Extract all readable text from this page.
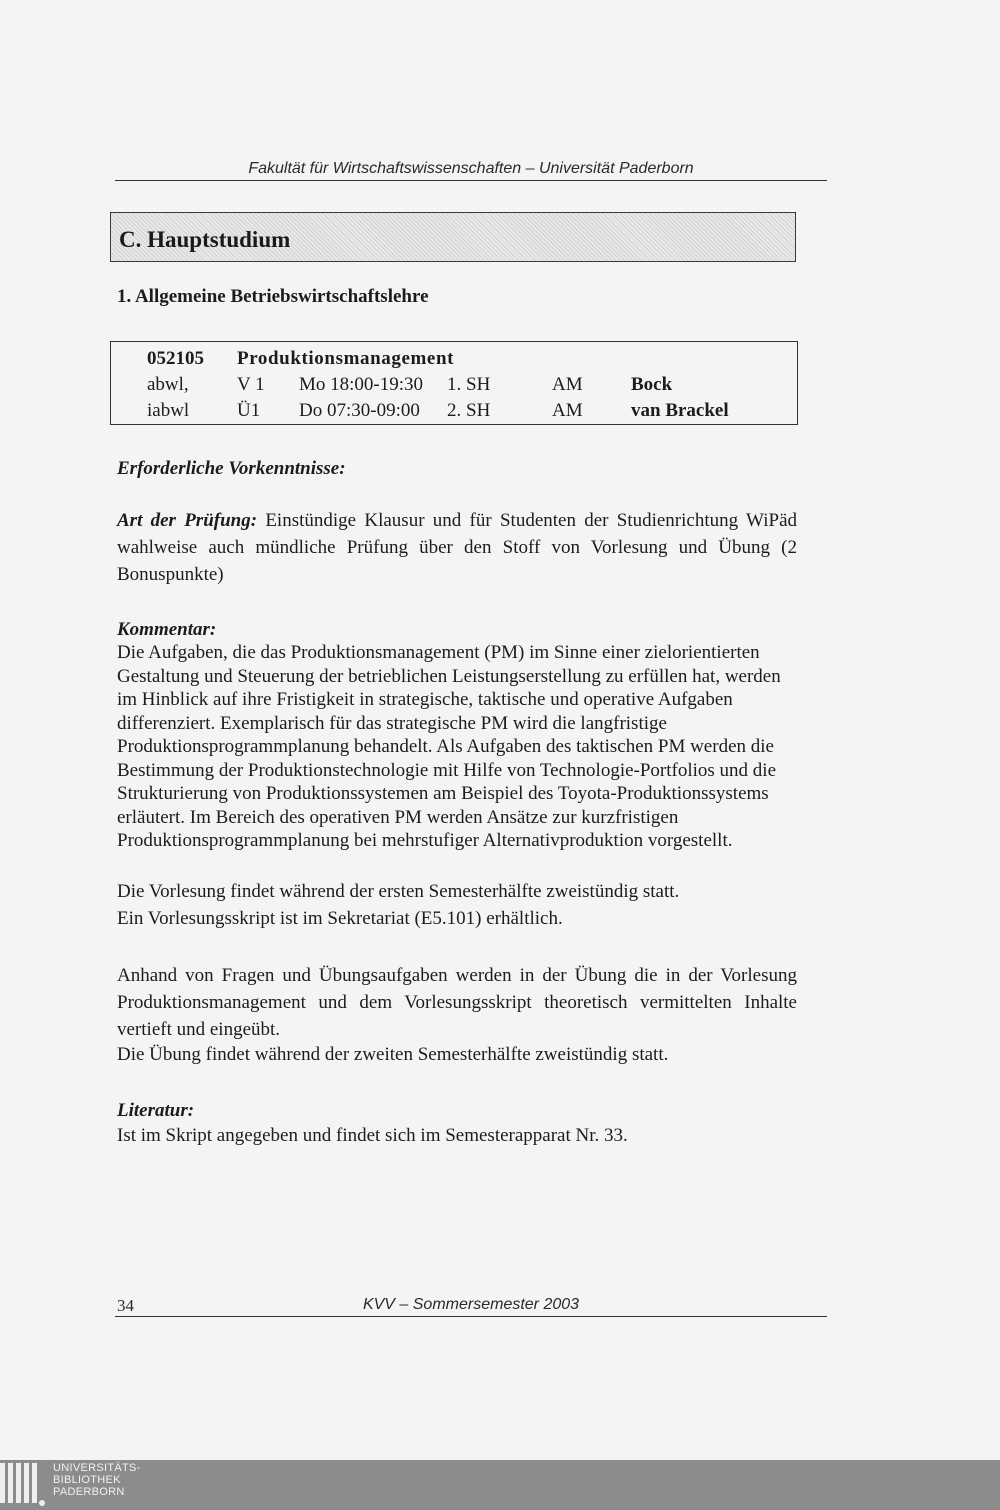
Fakultät für Wirtschaftswissenschaften – Universität Paderborn
C. Hauptstudium
1. Allgemeine Betriebswirtschaftslehre
052105 Produktionsmanagement
abwl,	V 1 Mo 18:00-19:30 1. SH	AM	Bock
iabwl	Ü1 Do 07:30-09:00 2. SH	AM	van Brackel
Erforderliche Vorkenntnisse:
Art der Prüfung: Einstündige Klausur und für Studenten der Studienrichtung WiPäd wahlweise auch mündliche Prüfung über den Stoff von Vorlesung und Übung (2 Bonuspunkte)
Kommentar:
Die Aufgaben, die das Produktionsmanagement (PM) im Sinne einer zielorientierten Gestaltung und Steuerung der betrieblichen Leistungserstellung zu erfüllen hat, werden im Hinblick auf ihre Fristigkeit in strategische, taktische und operative Aufgaben differenziert. Exemplarisch für das strategische PM wird die langfristige Produktionsprogrammplanung behandelt. Als Aufgaben des taktischen PM werden die Bestimmung der Produktionstechnologie mit Hilfe von Technologie-Portfolios und die Strukturierung von Produktionssystemen am Beispiel des Toyota-Produktionssystems erläutert. Im Bereich des operativen PM werden Ansätze zur kurzfristigen Produktionsprogrammplanung bei mehrstufiger Alternativproduktion vorgestellt.
Die Vorlesung findet während der ersten Semesterhälfte zweistündig statt.
Ein Vorlesungsskript ist im Sekretariat (E5.101) erhältlich.
Anhand von Fragen und Übungsaufgaben werden in der Übung die in der Vorlesung Produktionsmanagement und dem Vorlesungsskript theoretisch vermittelten Inhalte vertieft und eingeübt.
Die Übung findet während der zweiten Semesterhälfte zweistündig statt.
Literatur:
Ist im Skript angegeben und findet sich im Semesterapparat Nr. 33.
KVV – Sommersemester 2003
34
UNIVERSITÄTS-
BIBLIOTHEK
PADERBORN
